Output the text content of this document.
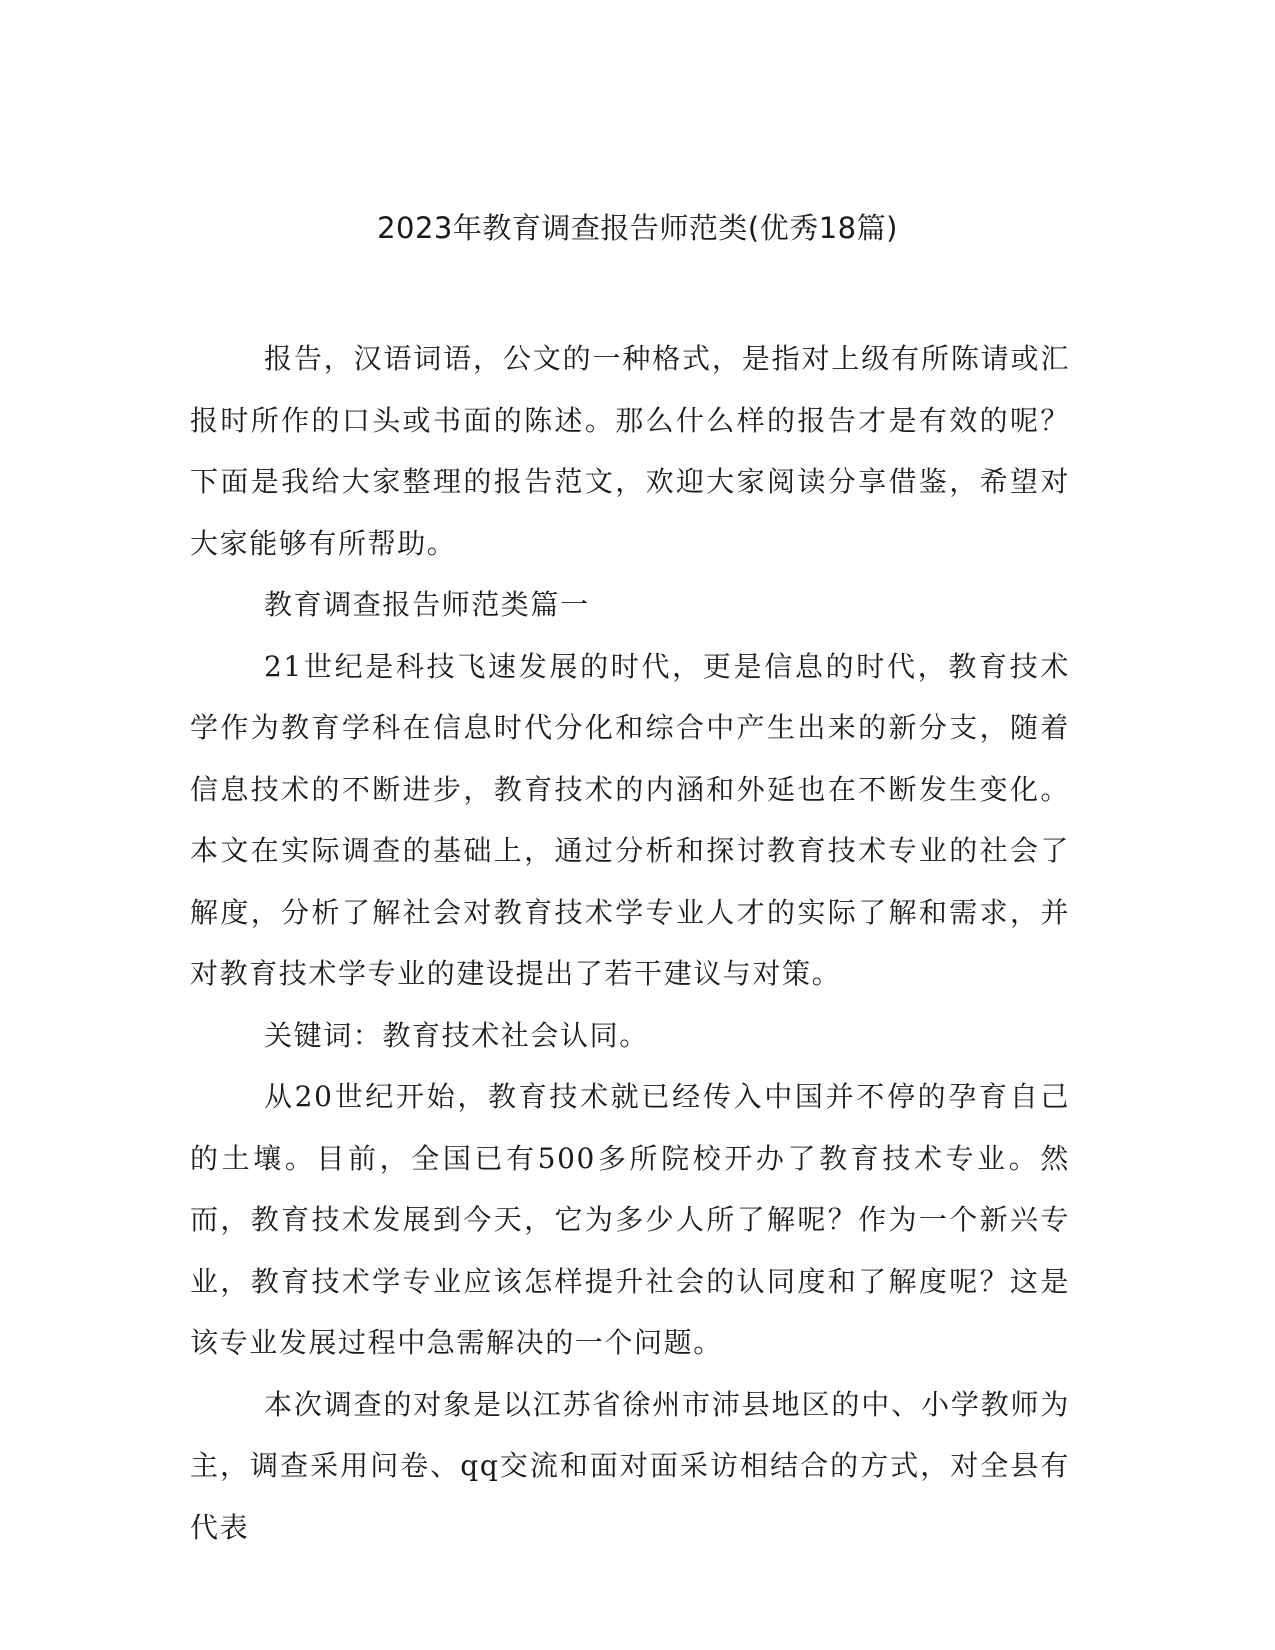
2023年教育调查报告师范类(优秀18篇)

报告，汉语词语，公文的一种格式，是指对上级有所陈请或汇报时所作的口头或书面的陈述。那么什么样的报告才是有效的呢？下面是我给大家整理的报告范文，欢迎大家阅读分享借鉴，希望对大家能够有所帮助。

教育调查报告师范类篇一

21世纪是科技飞速发展的时代，更是信息的时代，教育技术学作为教育学科在信息时代分化和综合中产生出来的新分支，随着信息技术的不断进步，教育技术的内涵和外延也在不断发生变化。本文在实际调查的基础上，通过分析和探讨教育技术专业的社会了解度，分析了解社会对教育技术学专业人才的实际了解和需求，并对教育技术学专业的建设提出了若干建议与对策。

关键词：教育技术社会认同。

从20世纪开始，教育技术就已经传入中国并不停的孕育自己的土壤。目前，全国已有500多所院校开办了教育技术专业。然而，教育技术发展到今天，它为多少人所了解呢？作为一个新兴专业，教育技术学专业应该怎样提升社会的认同度和了解度呢？这是该专业发展过程中急需解决的一个问题。

本次调查的对象是以江苏省徐州市沛县地区的中、小学教师为主，调查采用问卷、qq交流和面对面采访相结合的方式，对全县有代表
